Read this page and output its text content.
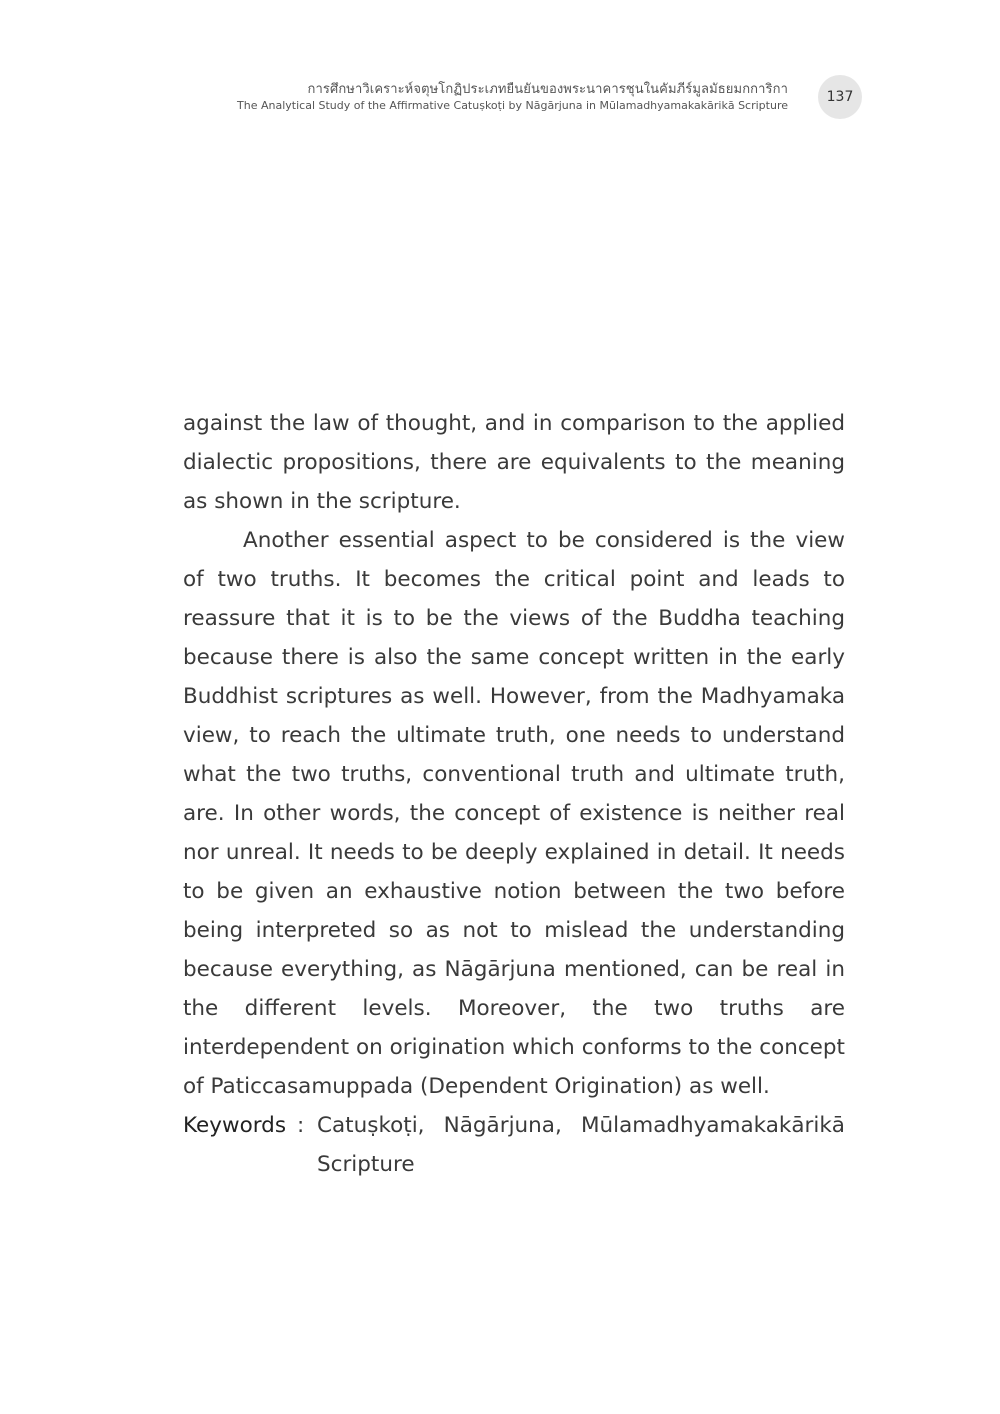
การศึกษาวิเคราะห์จตุษโกฏิประเภทยืนยันของพระนาคารชุนในคัมภีร์มูลมัธยมกการิกา
The Analytical Study of the Affirmative Catuṣkoṭi by Nāgārjuna in Mūlamadhyamakakārikā Scripture
137

against the law of thought, and in comparison to the applied dialectic propositions, there are equivalents to the meaning as shown in the scripture.

Another essential aspect to be considered is the view of two truths. It becomes the critical point and leads to reassure that it is to be the views of the Buddha teaching because there is also the same concept written in the early Buddhist scriptures as well. However, from the Madhyamaka view, to reach the ultimate truth, one needs to understand what the two truths, conventional truth and ultimate truth, are. In other words, the concept of existence is neither real nor unreal. It needs to be deeply explained in detail. It needs to be given an exhaustive notion between the two before being interpreted so as not to mislead the understanding because everything, as Nāgārjuna mentioned, can be real in the different levels. Moreover, the two truths are interdependent on origination which conforms to the concept of Paticcasamuppada (Dependent Origination) as well.

Keywords : Catuṣkoṭi, Nāgārjuna, Mūlamadhyamakakārikā Scripture
